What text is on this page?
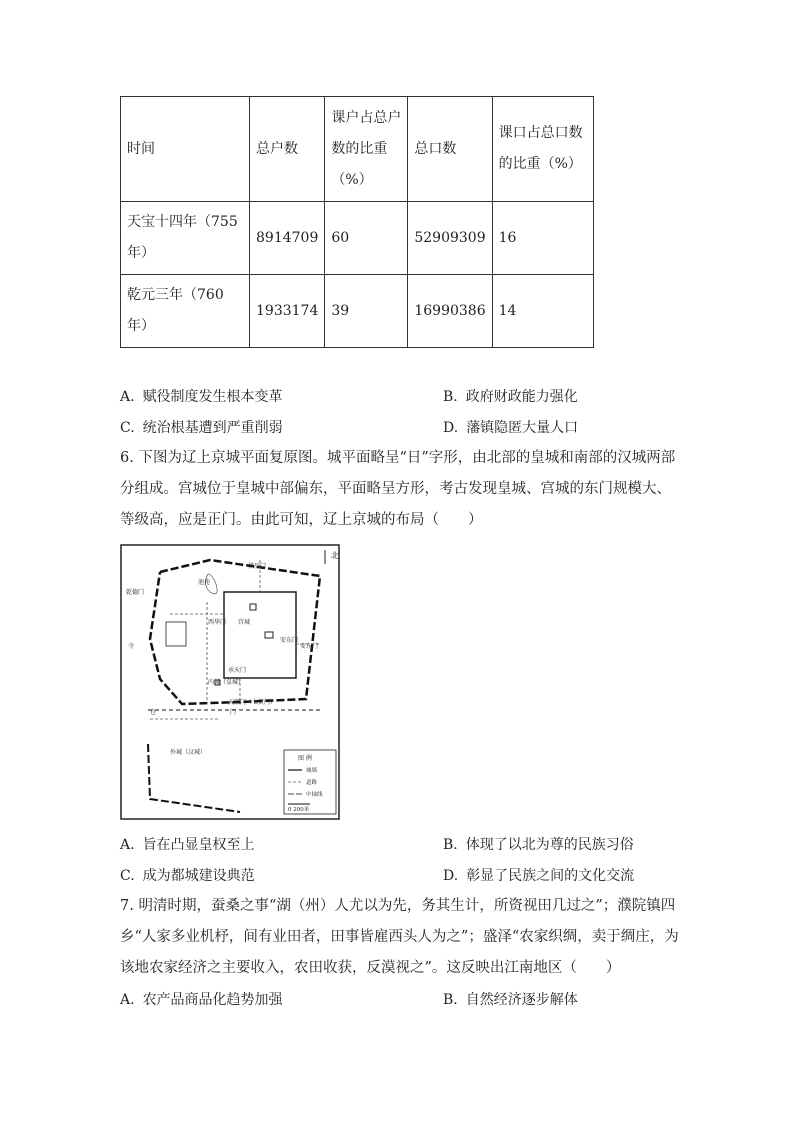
时间	总户数	课户占总户数的比重（%）	总口数	课口占总口数的比重（%）
天宝十四年（755年）	8914709	60	52909309	16
乾元三年（760年）	1933174	39	16990386	14
A. 赋役制度发生根本变革	B. 政府财政能力强化
C. 统治根基遭到严重削弱	D. 藩镇隐匿大量人口
6. 下图为辽上京城平面复原图。城平面略呈“日”字形，由北部的皇城和南部的汉城两部分组成。宫城位于皇城中部偏东，平面略呈方形，考古发现皇城、宫城的东门规模大、等级高，应是正门。由此可知，辽上京城的布局（　　）
北
拱辰门
池苑
乾德门
西华门 宫城
安东门
承天门
内城（皇城）
天顺门（七贤门）
外城（汉城）
寺
门
仓
安东门
图 例
城墙
道路
中轴线
0 200米
A. 旨在凸显皇权至上	B. 体现了以北为尊的民族习俗
C. 成为都城建设典范	D. 彰显了民族之间的文化交流
7. 明清时期，蚕桑之事“湖（州）人尤以为先，务其生计，所资视田几过之”；濮院镇四乡“人家多业机杼，间有业田者，田事皆雇西头人为之”；盛泽“农家织绸，卖于绸庄，为该地农家经济之主要收入，农田收获，反漠视之”。这反映出江南地区（　　）
A. 农产品商品化趋势加强	B. 自然经济逐步解体
